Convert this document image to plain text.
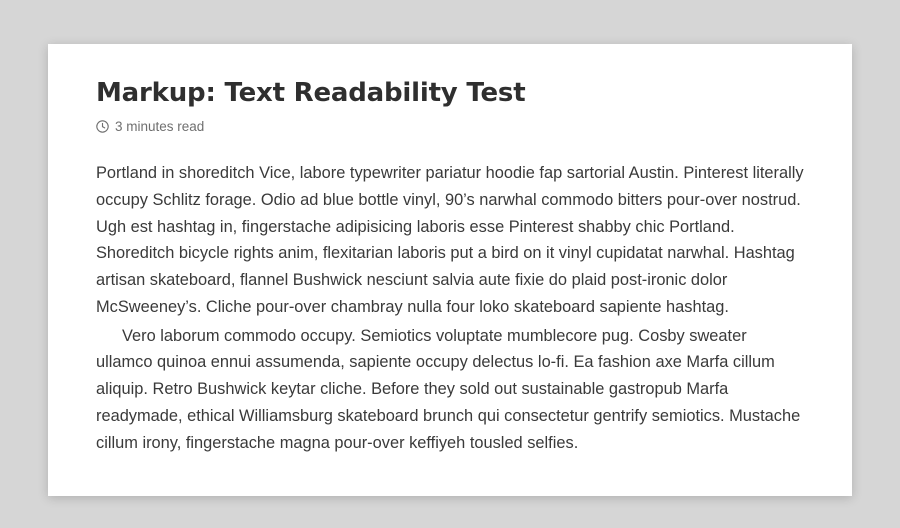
Markup: Text Readability Test
3 minutes read

Portland in shoreditch Vice, labore typewriter pariatur hoodie fap sartorial Austin. Pinterest literally occupy Schlitz forage. Odio ad blue bottle vinyl, 90’s narwhal commodo bitters pour-over nostrud. Ugh est hashtag in, fingerstache adipisicing laboris esse Pinterest shabby chic Portland. Shoreditch bicycle rights anim, flexitarian laboris put a bird on it vinyl cupidatat narwhal. Hashtag artisan skateboard, flannel Bushwick nesciunt salvia aute fixie do plaid post-ironic dolor McSweeney’s. Cliche pour-over chambray nulla four loko skateboard sapiente hashtag.

Vero laborum commodo occupy. Semiotics voluptate mumblecore pug. Cosby sweater ullamco quinoa ennui assumenda, sapiente occupy delectus lo-fi. Ea fashion axe Marfa cillum aliquip. Retro Bushwick keytar cliche. Before they sold out sustainable gastropub Marfa readymade, ethical Williamsburg skateboard brunch qui consectetur gentrify semiotics. Mustache cillum irony, fingerstache magna pour-over keffiyeh tousled selfies.
